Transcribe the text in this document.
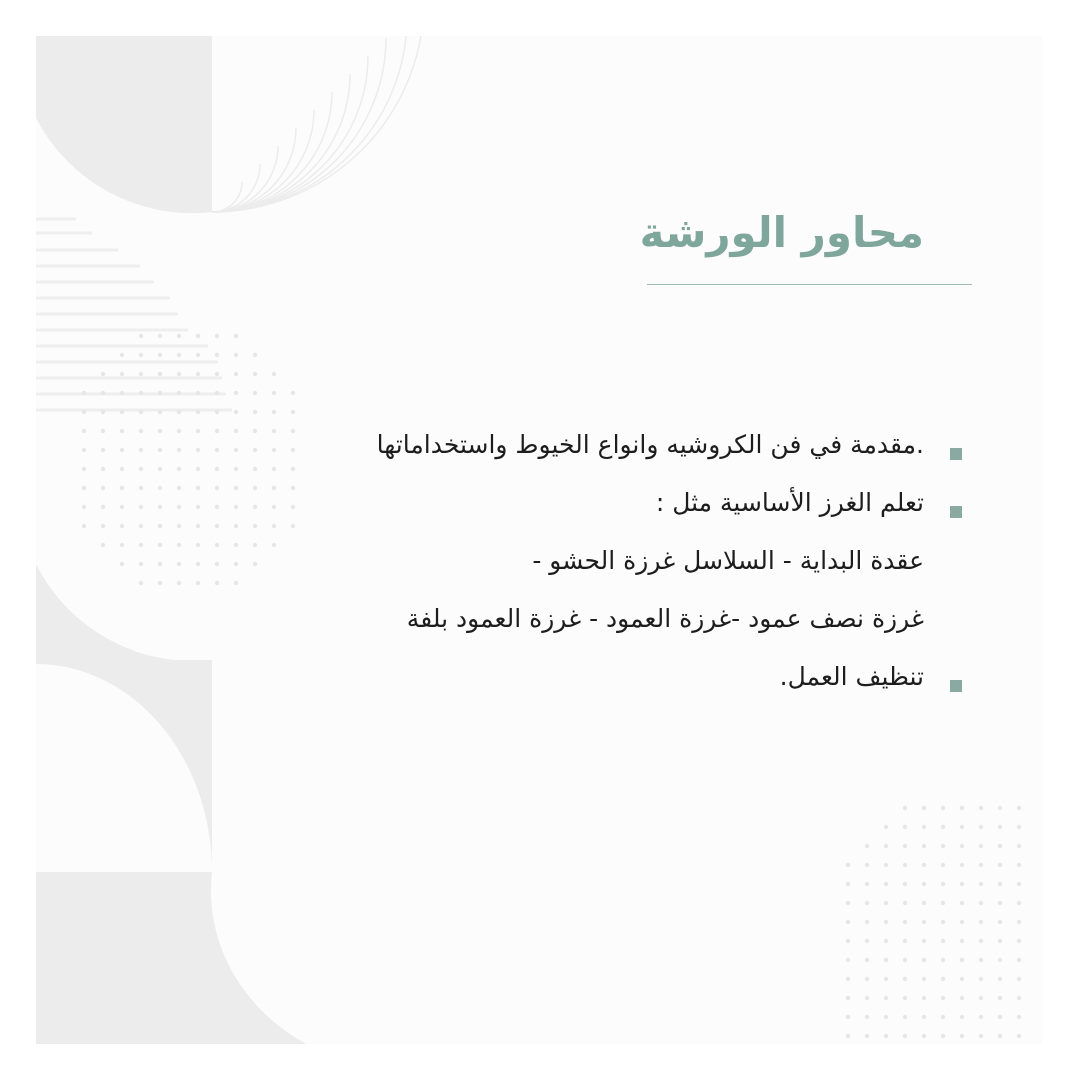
محاور الورشة
.مقدمة في فن الكروشيه وانواع الخيوط واستخداماتها
تعلم الغرز الأساسية مثل :
عقدة البداية - السلاسل غرزة الحشو -
غرزة نصف عمود -غرزة العمود - غرزة العمود بلفة
تنظيف العمل.
